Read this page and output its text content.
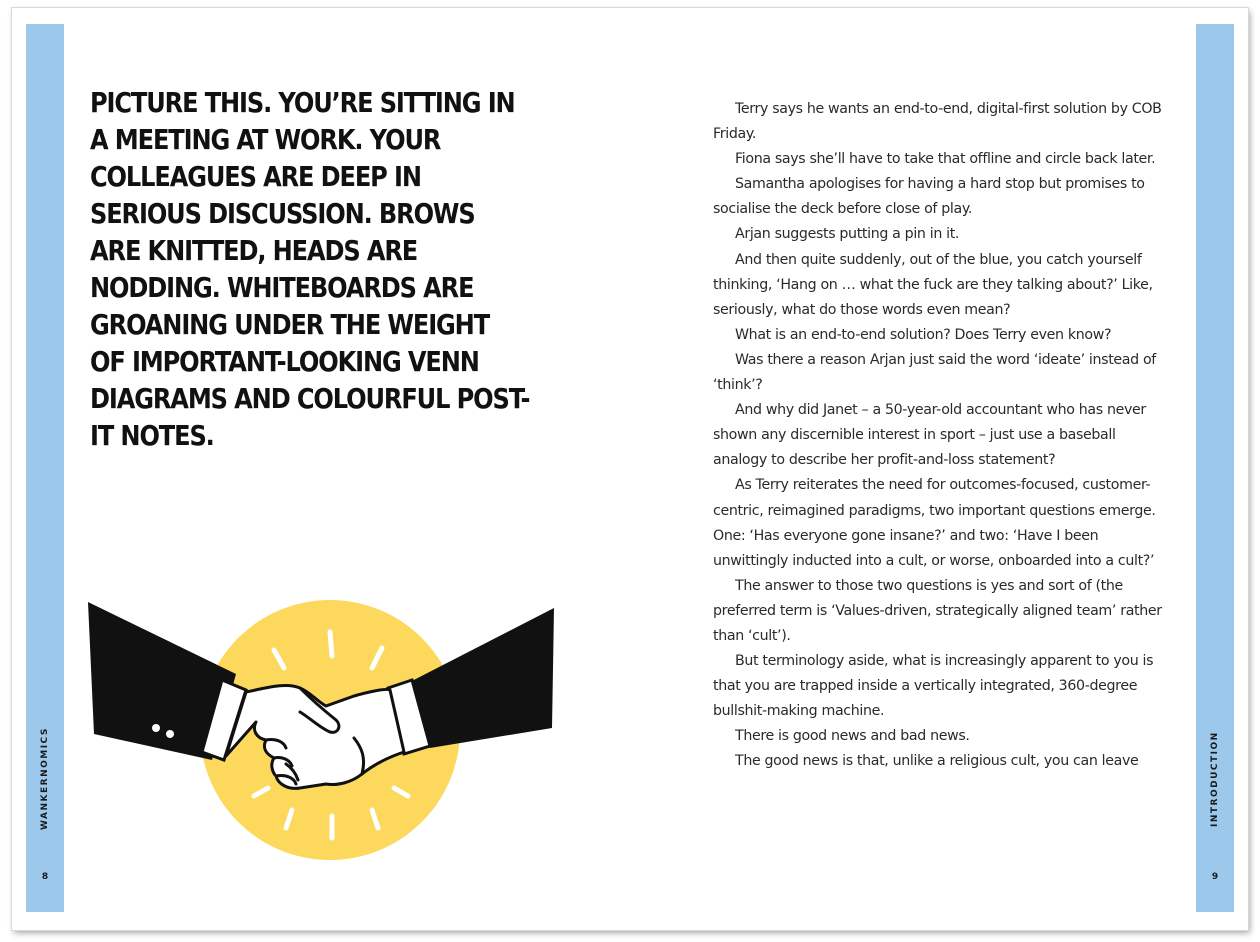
WANKERNOMICS
8
PICTURE THIS. YOU’RE SITTING IN A MEETING AT WORK. YOUR COLLEAGUES ARE DEEP IN SERIOUS DISCUSSION. BROWS ARE KNITTED, HEADS ARE NODDING. WHITEBOARDS ARE GROANING UNDER THE WEIGHT OF IMPORTANT-LOOKING VENN DIAGRAMS AND COLOURFUL POST-IT NOTES.

Terry says he wants an end-to-end, digital-first solution by COB Friday.

Fiona says she’ll have to take that offline and circle back later.

Samantha apologises for having a hard stop but promises to socialise the deck before close of play.

Arjan suggests putting a pin in it.

And then quite suddenly, out of the blue, you catch yourself thinking, ‘Hang on … what the fuck are they talking about?’ Like, seriously, what do those words even mean?

What is an end-to-end solution? Does Terry even know?

Was there a reason Arjan just said the word ‘ideate’ instead of ‘think’?

And why did Janet – a 50-year-old accountant who has never shown any discernible interest in sport – just use a baseball analogy to describe her profit-and-loss statement?

As Terry reiterates the need for outcomes-focused, customer-centric, reimagined paradigms, two important questions emerge. One: ‘Has everyone gone insane?’ and two: ‘Have I been unwittingly inducted into a cult, or worse, onboarded into a cult?’

The answer to those two questions is yes and sort of (the preferred term is ‘Values-driven, strategically aligned team’ rather than ‘cult’).

But terminology aside, what is increasingly apparent to you is that you are trapped inside a vertically integrated, 360-degree bullshit-making machine.

There is good news and bad news.

The good news is that, unlike a religious cult, you can leave	INTRODUCTION
9
